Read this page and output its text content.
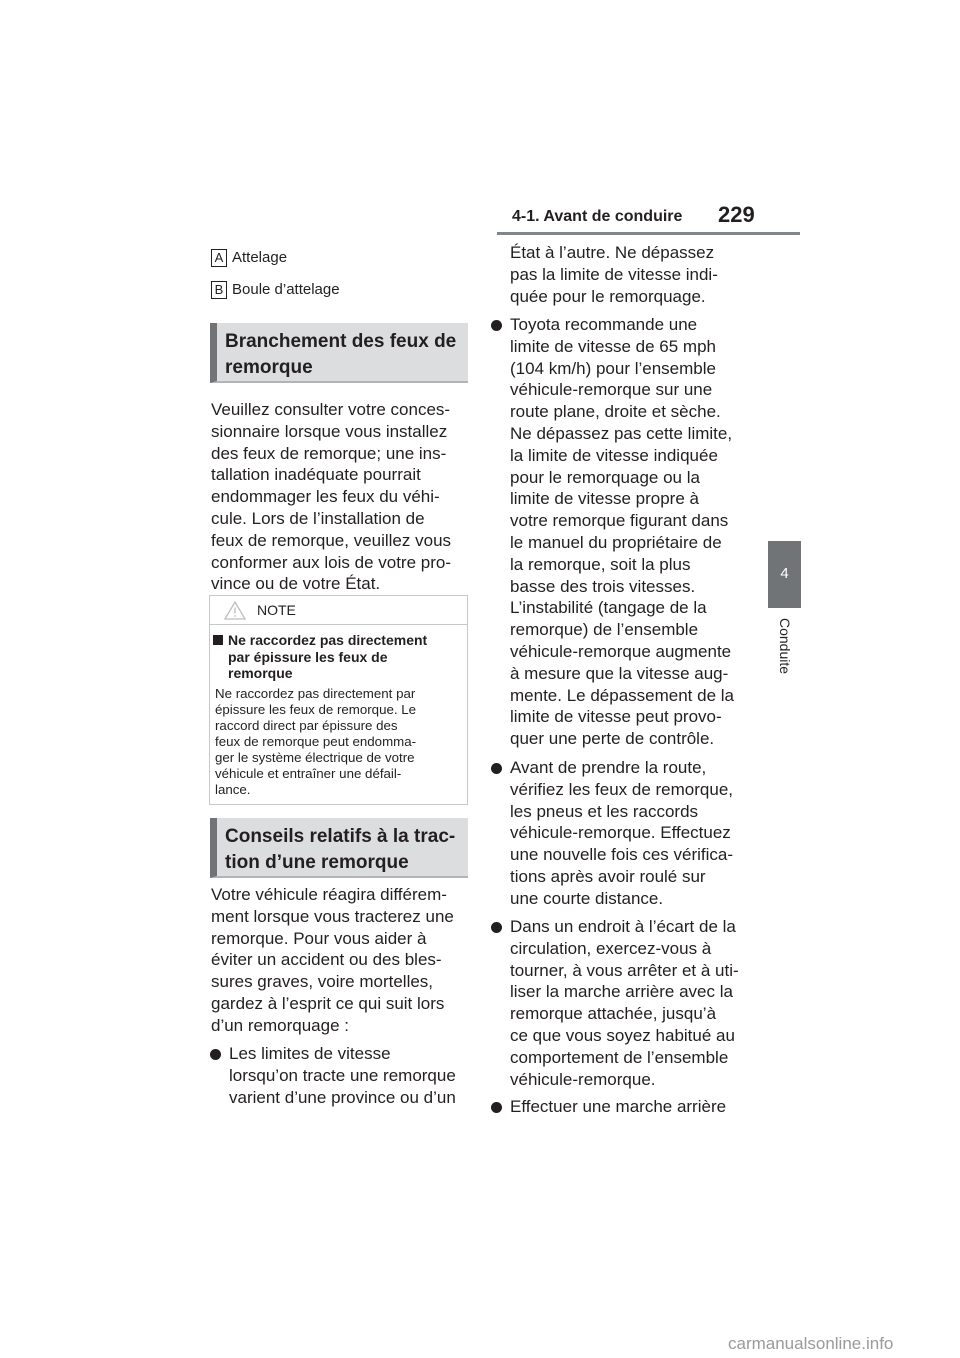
4-1. Avant de conduire 229
4
Conduite
A Attelage
B Boule d’attelage
Branchement des feux de
remorque
Veuillez consulter votre conces-
sionnaire lorsque vous installez
des feux de remorque; une ins-
tallation inadéquate pourrait
endommager les feux du véhi-
cule. Lors de l’installation de
feux de remorque, veuillez vous
conformer aux lois de votre pro-
vince ou de votre État.
NOTE
Ne raccordez pas directement
par épissure les feux de
remorque
Ne raccordez pas directement par
épissure les feux de remorque. Le
raccord direct par épissure des
feux de remorque peut endomma-
ger le système électrique de votre
véhicule et entraîner une défail-
lance.
Conseils relatifs à la trac-
tion d’une remorque
Votre véhicule réagira différem-
ment lorsque vous tracterez une
remorque. Pour vous aider à
éviter un accident ou des bles-
sures graves, voire mortelles,
gardez à l’esprit ce qui suit lors
d’un remorquage :
Les limites de vitesse
lorsqu’on tracte une remorque
varient d’une province ou d’un
État à l’autre. Ne dépassez
pas la limite de vitesse indi-
quée pour le remorquage.
Toyota recommande une
limite de vitesse de 65 mph
(104 km/h) pour l’ensemble
véhicule-remorque sur une
route plane, droite et sèche.
Ne dépassez pas cette limite,
la limite de vitesse indiquée
pour le remorquage ou la
limite de vitesse propre à
votre remorque figurant dans
le manuel du propriétaire de
la remorque, soit la plus
basse des trois vitesses.
L’instabilité (tangage de la
remorque) de l’ensemble
véhicule-remorque augmente
à mesure que la vitesse aug-
mente. Le dépassement de la
limite de vitesse peut provo-
quer une perte de contrôle.
Avant de prendre la route,
vérifiez les feux de remorque,
les pneus et les raccords
véhicule-remorque. Effectuez
une nouvelle fois ces vérifica-
tions après avoir roulé sur
une courte distance.
Dans un endroit à l’écart de la
circulation, exercez-vous à
tourner, à vous arrêter et à uti-
liser la marche arrière avec la
remorque attachée, jusqu’à
ce que vous soyez habitué au
comportement de l’ensemble
véhicule-remorque.
Effectuer une marche arrière
carmanualsonline.info
